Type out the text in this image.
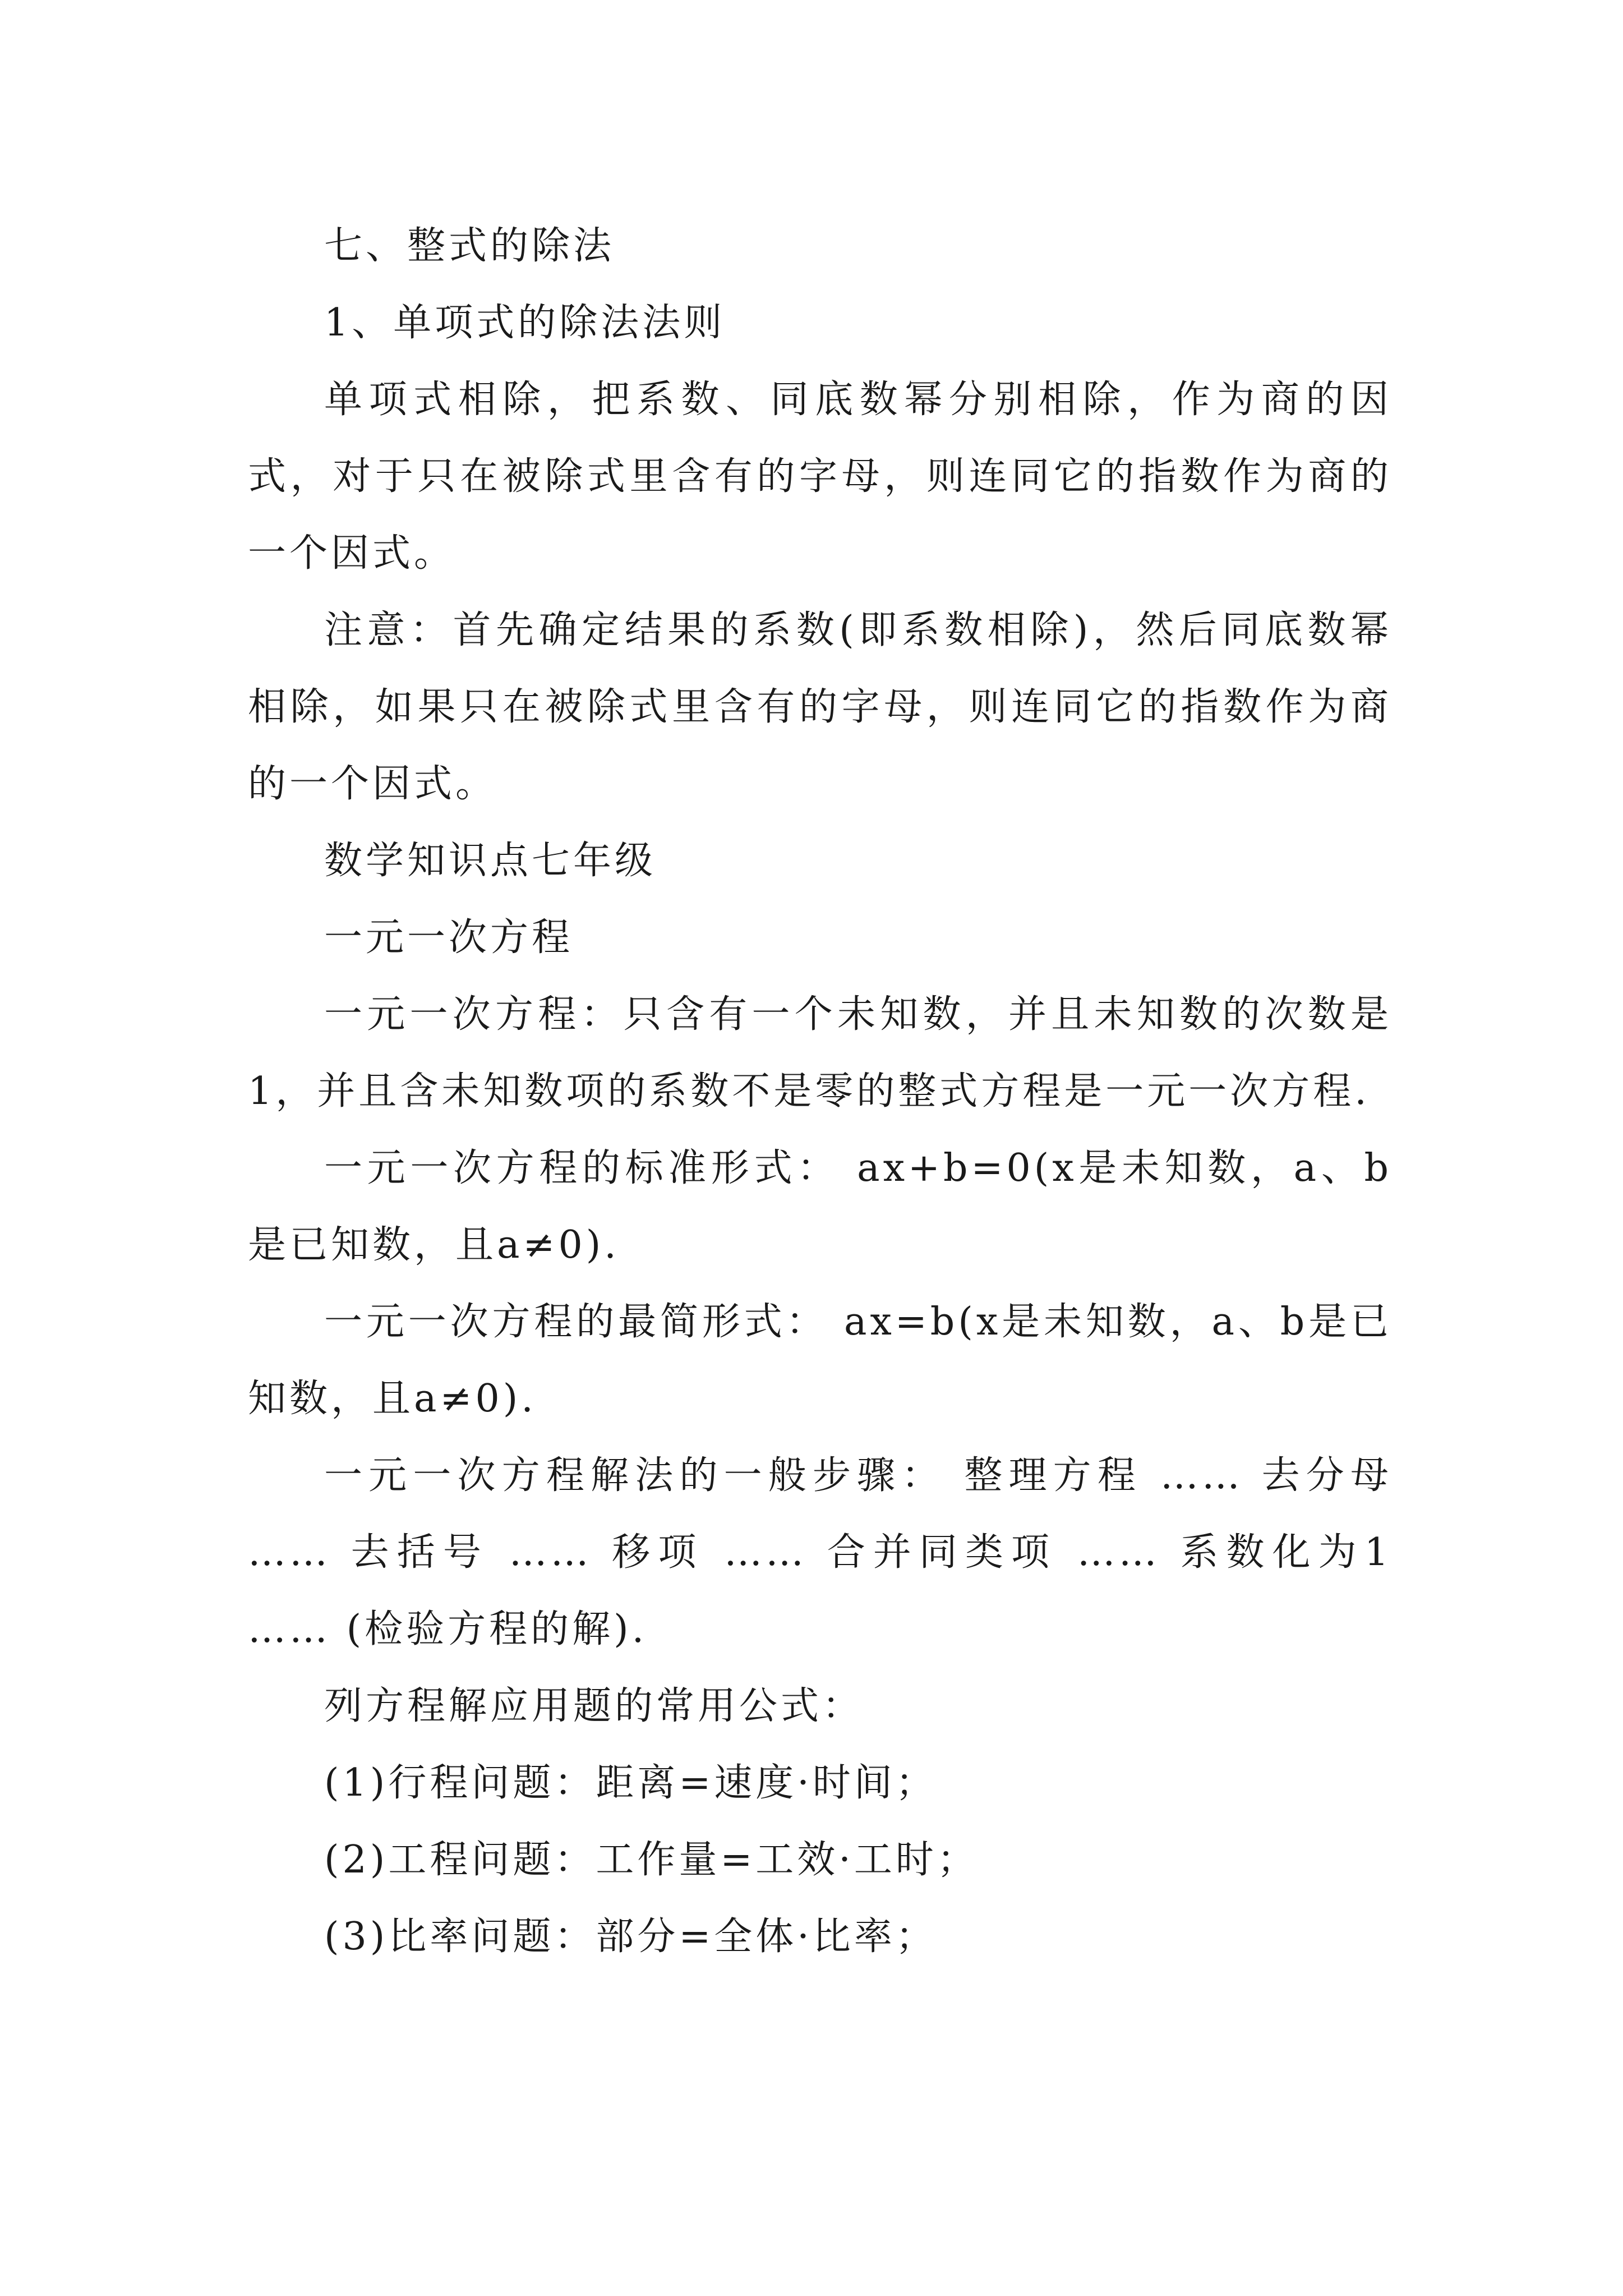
七、整式的除法

1、单项式的除法法则

单项式相除，把系数、同底数幂分别相除，作为商的因式，对于只在被除式里含有的字母，则连同它的指数作为商的一个因式。

注意：首先确定结果的系数(即系数相除)，然后同底数幂相除，如果只在被除式里含有的字母，则连同它的指数作为商的一个因式。

数学知识点七年级

一元一次方程

一元一次方程：只含有一个未知数，并且未知数的次数是1，并且含未知数项的系数不是零的整式方程是一元一次方程.

一元一次方程的标准形式： ax+b=0(x是未知数，a、b是已知数，且a≠0).

一元一次方程的最简形式： ax=b(x是未知数，a、b是已知数，且a≠0).

一元一次方程解法的一般步骤： 整理方程 …… 去分母 …… 去括号 …… 移项 …… 合并同类项 …… 系数化为1 …… (检验方程的解).

列方程解应用题的常用公式：

(1)行程问题：距离=速度·时间；

(2)工程问题：工作量=工效·工时；

(3)比率问题：部分=全体·比率；
